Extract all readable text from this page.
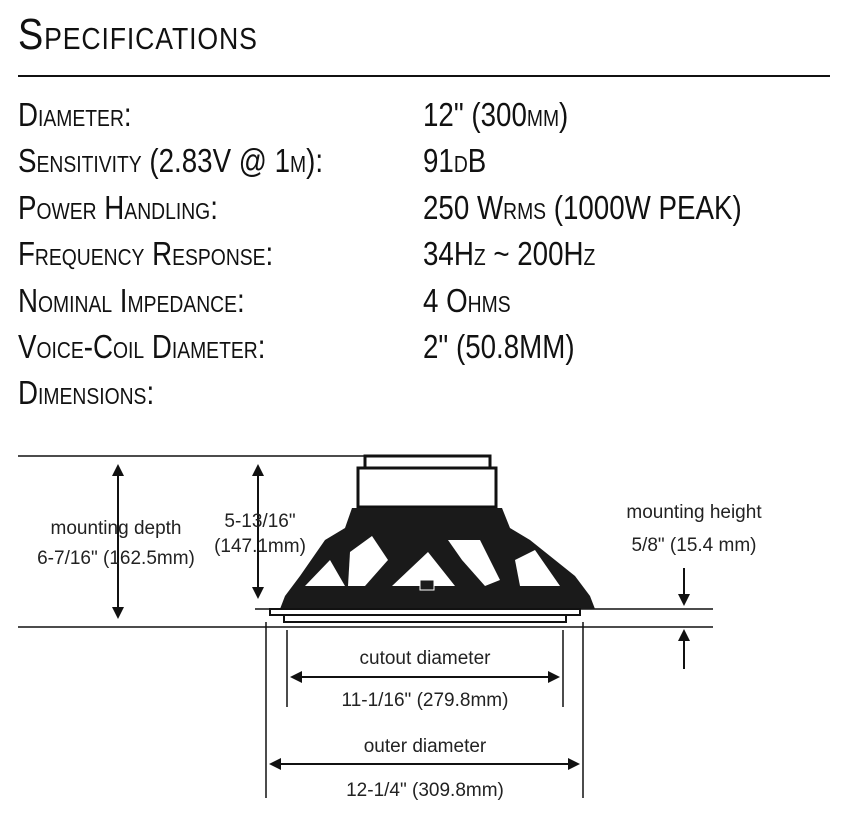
Specifications
Diameter:	12" (300mm)
Sensitivity (2.83V @ 1m):	91dB
Power Handling:	250 Wrms (1000W PEAK)
Frequency Response:	34Hz ~ 200Hz
Nominal Impedance:	4 Ohms
Voice-Coil Diameter:	2" (50.8MM)
Dimensions:
mounting depth
6-7/16" (162.5mm)
5-13/16"
(147.1mm)
mounting height
5/8" (15.4 mm)
cutout diameter
11-1/16" (279.8mm)
outer diameter
12-1/4" (309.8mm)
